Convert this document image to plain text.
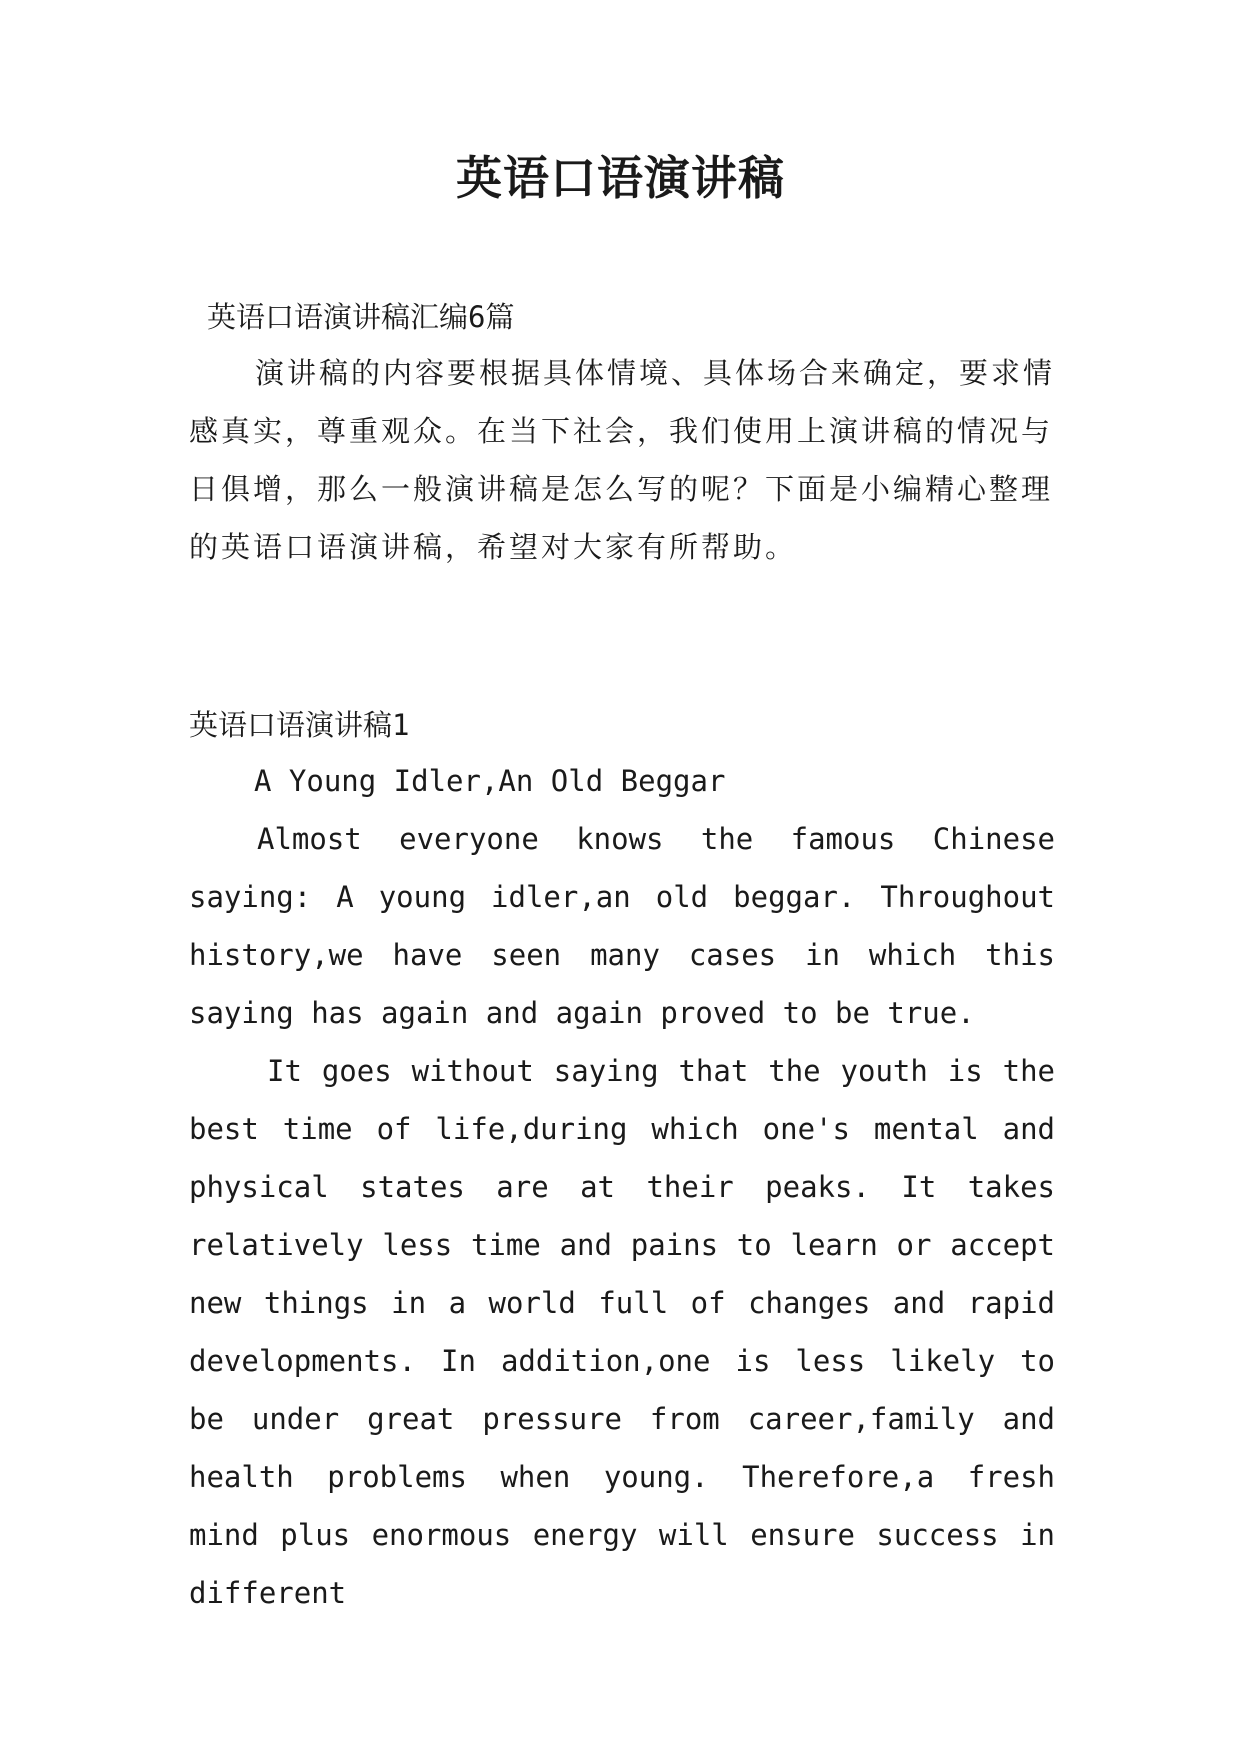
英语口语演讲稿

英语口语演讲稿汇编6篇

演讲稿的内容要根据具体情境、具体场合来确定，要求情感真实，尊重观众。在当下社会，我们使用上演讲稿的情况与日俱增，那么一般演讲稿是怎么写的呢？下面是小编精心整理的英语口语演讲稿，希望对大家有所帮助。

英语口语演讲稿1

A Young Idler,An Old Beggar

Almost everyone knows the famous Chinese saying: A young idler,an old beggar. Throughout history,we have seen many cases in which this saying has again and again proved to be true.

It goes without saying that the youth is the best time of life,during which one's mental and physical states are at their peaks. It takes relatively less time and pains to learn or accept new things in a world full of changes and rapid developments. In addition,one is less likely to be under great pressure from career,family and health problems when young. Therefore,a fresh mind plus enormous energy will ensure success in different
